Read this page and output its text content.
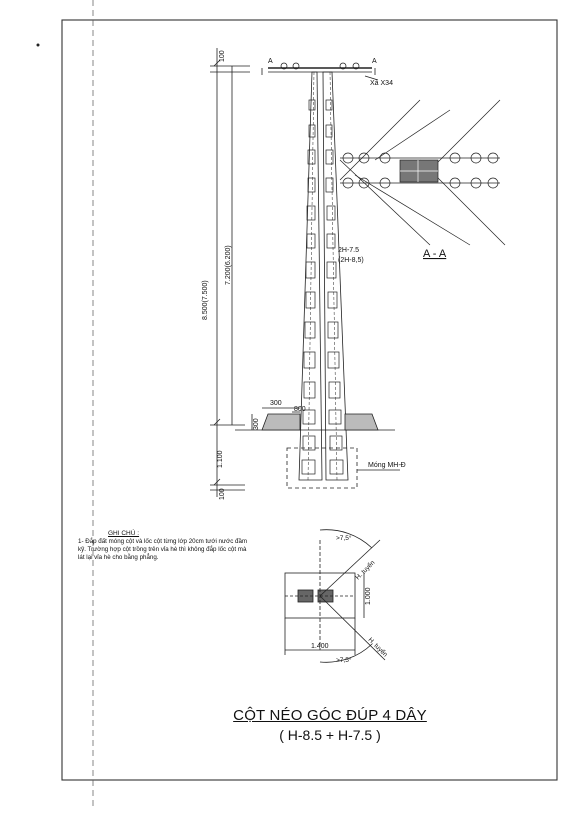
100
8.500(7.500)
7.200(6.200)
1.100
100
300
800
300
A	A
Xà X34
2H-7.5
(2H-8,5)
Móng MH-Đ
A - A
>7,5°
>7,5°
1.400
1.000
H. tuyến
H. tuyến
GHI CHÚ :
1- Đắp đất móng cột và lốc cột từng lớp 20cm tưới nước đầm kỹ. Trường hợp cột trồng trên vỉa hè thì không đắp lốc cột mà lát lại vỉa hè cho bằng phẳng.
CỘT NÉO GÓC ĐÚP 4 DÂY
( H-8.5 + H-7.5 )
